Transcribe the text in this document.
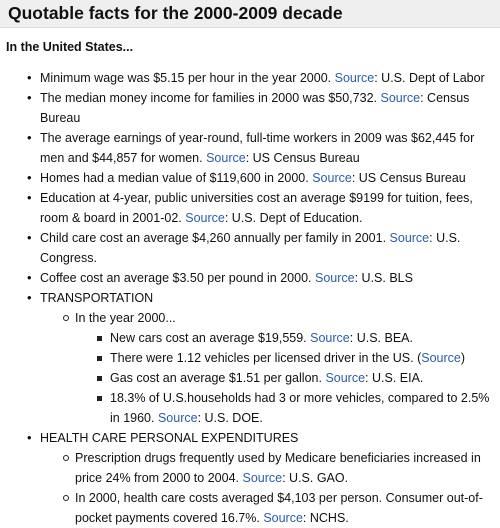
Quotable facts for the 2000-2009 decade
In the United States...
• Minimum wage was $5.15 per hour in the year 2000. Source: U.S. Dept of Labor
• The median money income for families in 2000 was $50,732. Source: Census Bureau
• The average earnings of year-round, full-time workers in 2009 was $62,445 for men and $44,857 for women. Source: US Census Bureau
• Homes had a median value of $119,600 in 2000. Source: US Census Bureau
• Education at 4-year, public universities cost an average $9199 for tuition, fees, room & board in 2001-02. Source: U.S. Dept of Education.
• Child care cost an average $4,260 annually per family in 2001. Source: U.S. Congress.
• Coffee cost an average $3.50 per pound in 2000. Source: U.S. BLS
• TRANSPORTATION
In the year 2000...
New cars cost an average $19,559. Source: U.S. BEA.
There were 1.12 vehicles per licensed driver in the US. (Source)
Gas cost an average $1.51 per gallon. Source: U.S. EIA.
18.3% of U.S.households had 3 or more vehicles, compared to 2.5% in 1960. Source: U.S. DOE.
• HEALTH CARE PERSONAL EXPENDITURES
Prescription drugs frequently used by Medicare beneficiaries increased in price 24% from 2000 to 2004. Source: U.S. GAO.
In 2000, health care costs averaged $4,103 per person. Consumer out-of-pocket payments covered 16.7%. Source: NCHS.
